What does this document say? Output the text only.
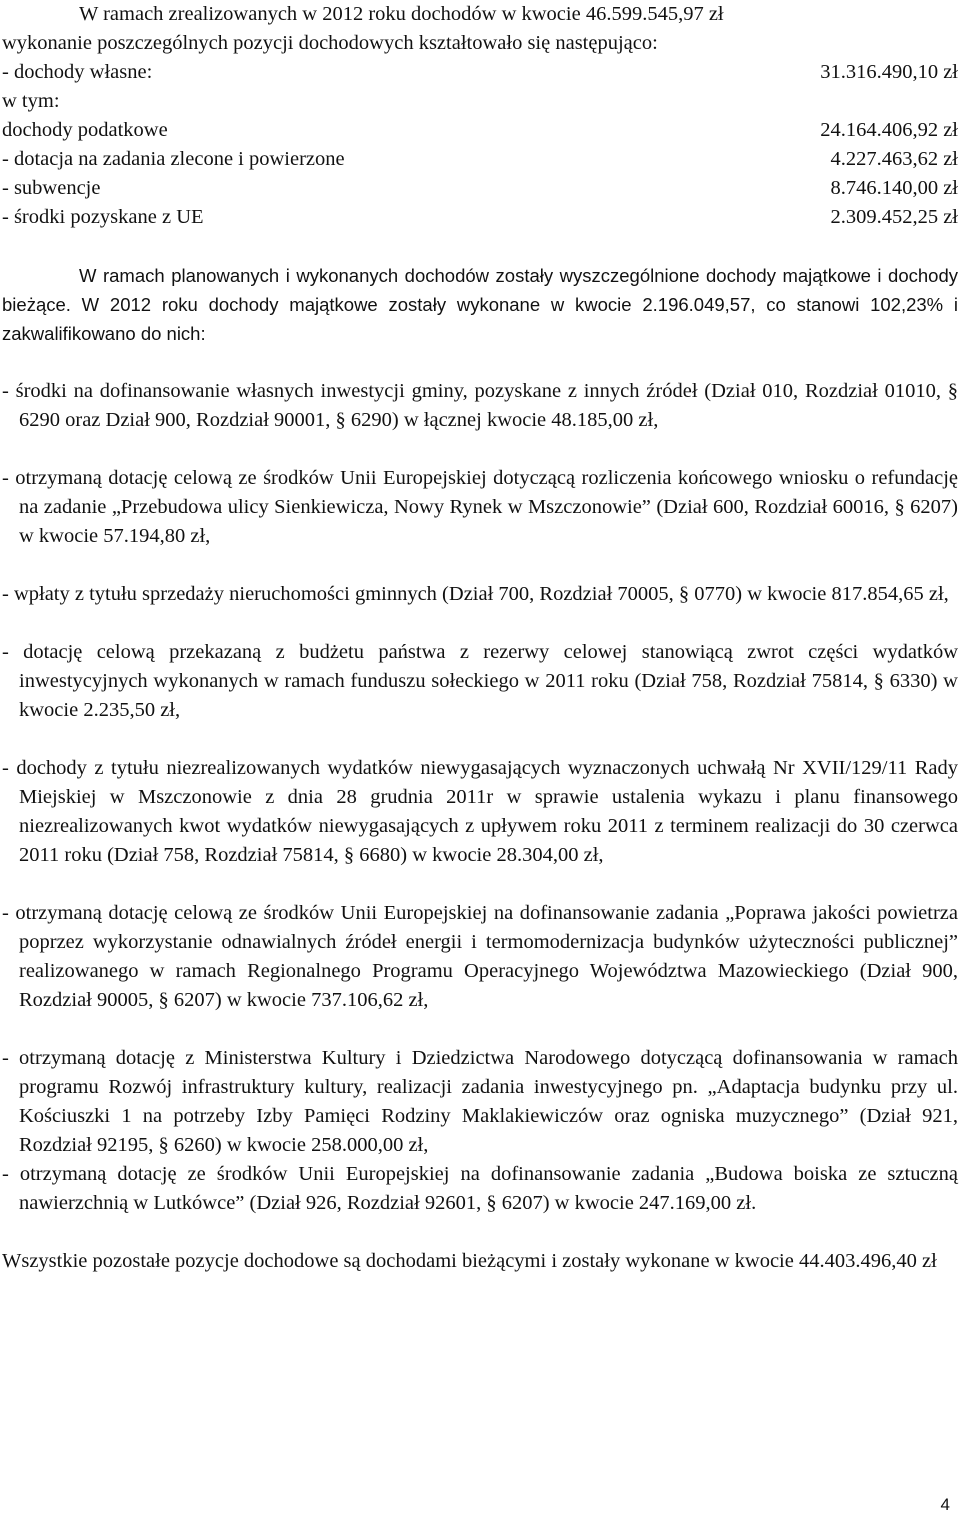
W ramach zrealizowanych w 2012 roku dochodów w kwocie 46.599.545,97 zł
wykonanie poszczególnych pozycji dochodowych kształtowało się następująco:
- dochody własne:	31.316.490,10 zł
w tym:
dochody podatkowe	24.164.406,92 zł
- dotacja na zadania zlecone i powierzone	4.227.463,62 zł
- subwencje	8.746.140,00 zł
- środki pozyskane z UE	2.309.452,25 zł

W ramach planowanych i wykonanych dochodów zostały wyszczególnione dochody majątkowe i dochody bieżące. W 2012 roku dochody majątkowe zostały wykonane w kwocie 2.196.049,57, co stanowi 102,23% i zakwalifikowano do nich:

- środki na dofinansowanie własnych inwestycji gminy, pozyskane z innych źródeł (Dział 010, Rozdział 01010, § 6290 oraz Dział 900, Rozdział 90001, § 6290) w łącznej kwocie 48.185,00 zł,

- otrzymaną dotację celową ze środków Unii Europejskiej dotyczącą rozliczenia końcowego wniosku o refundację na zadanie „Przebudowa ulicy Sienkiewicza, Nowy Rynek w Mszczonowie” (Dział 600, Rozdział 60016, § 6207) w kwocie 57.194,80 zł,

- wpłaty z tytułu sprzedaży nieruchomości gminnych (Dział 700, Rozdział 70005, § 0770) w kwocie 817.854,65 zł,

- dotację celową przekazaną z budżetu państwa z rezerwy celowej stanowiącą zwrot części wydatków inwestycyjnych wykonanych w ramach funduszu sołeckiego w 2011 roku (Dział 758, Rozdział 75814, § 6330) w kwocie 2.235,50 zł,

- dochody z tytułu niezrealizowanych wydatków niewygasających wyznaczonych uchwałą Nr XVII/129/11 Rady Miejskiej w Mszczonowie z dnia 28 grudnia 2011r w sprawie ustalenia wykazu i planu finansowego niezrealizowanych kwot wydatków niewygasających z upływem roku 2011 z terminem realizacji do 30 czerwca 2011 roku (Dział 758, Rozdział 75814, § 6680) w kwocie 28.304,00 zł,

- otrzymaną dotację celową ze środków Unii Europejskiej na dofinansowanie zadania „Poprawa jakości powietrza poprzez wykorzystanie odnawialnych źródeł energii i termomodernizacja budynków użyteczności publicznej” realizowanego w ramach Regionalnego Programu Operacyjnego Województwa Mazowieckiego (Dział 900, Rozdział 90005, § 6207) w kwocie 737.106,62 zł,

- otrzymaną dotację z Ministerstwa Kultury i Dziedzictwa Narodowego dotyczącą dofinansowania w ramach programu Rozwój infrastruktury kultury, realizacji zadania inwestycyjnego pn. „Adaptacja budynku przy ul. Kościuszki 1 na potrzeby Izby Pamięci Rodziny Maklakiewiczów oraz ogniska muzycznego” (Dział 921, Rozdział 92195, § 6260) w kwocie 258.000,00 zł,

- otrzymaną dotację ze środków Unii Europejskiej na dofinansowanie zadania „Budowa boiska ze sztuczną nawierzchnią w Lutkówce” (Dział 926, Rozdział 92601, § 6207) w kwocie 247.169,00 zł.

Wszystkie pozostałe pozycje dochodowe są dochodami bieżącymi i zostały wykonane w kwocie 44.403.496,40 zł

4
